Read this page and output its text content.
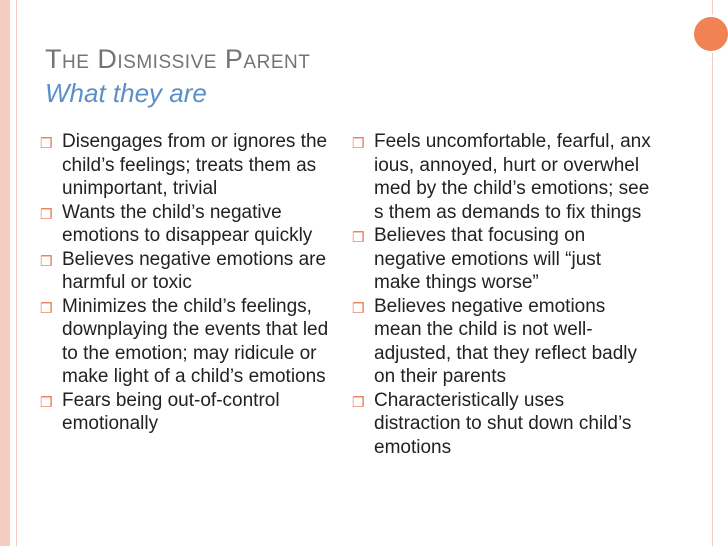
The Dismissive Parent
What they are
❒ Disengages from or ignores the child’s feelings; treats them as unimportant, trivial
❒ Wants the child’s negative emotions to disappear quickly
❒ Believes negative emotions are harmful or toxic
❒ Minimizes the child’s feelings, downplaying the events that led to the emotion; may ridicule or make light of a child’s emotions
❒ Fears being out-of-control emotionally
❒ Feels uncomfortable, fearful, anxious, annoyed, hurt or overwhelmed by the child’s emotions; sees them as demands to fix things
❒ Believes that focusing on negative emotions will “just make things worse”
❒ Believes negative emotions mean the child is not well-adjusted, that they reflect badly on their parents
❒ Characteristically uses distraction to shut down child’s emotions
